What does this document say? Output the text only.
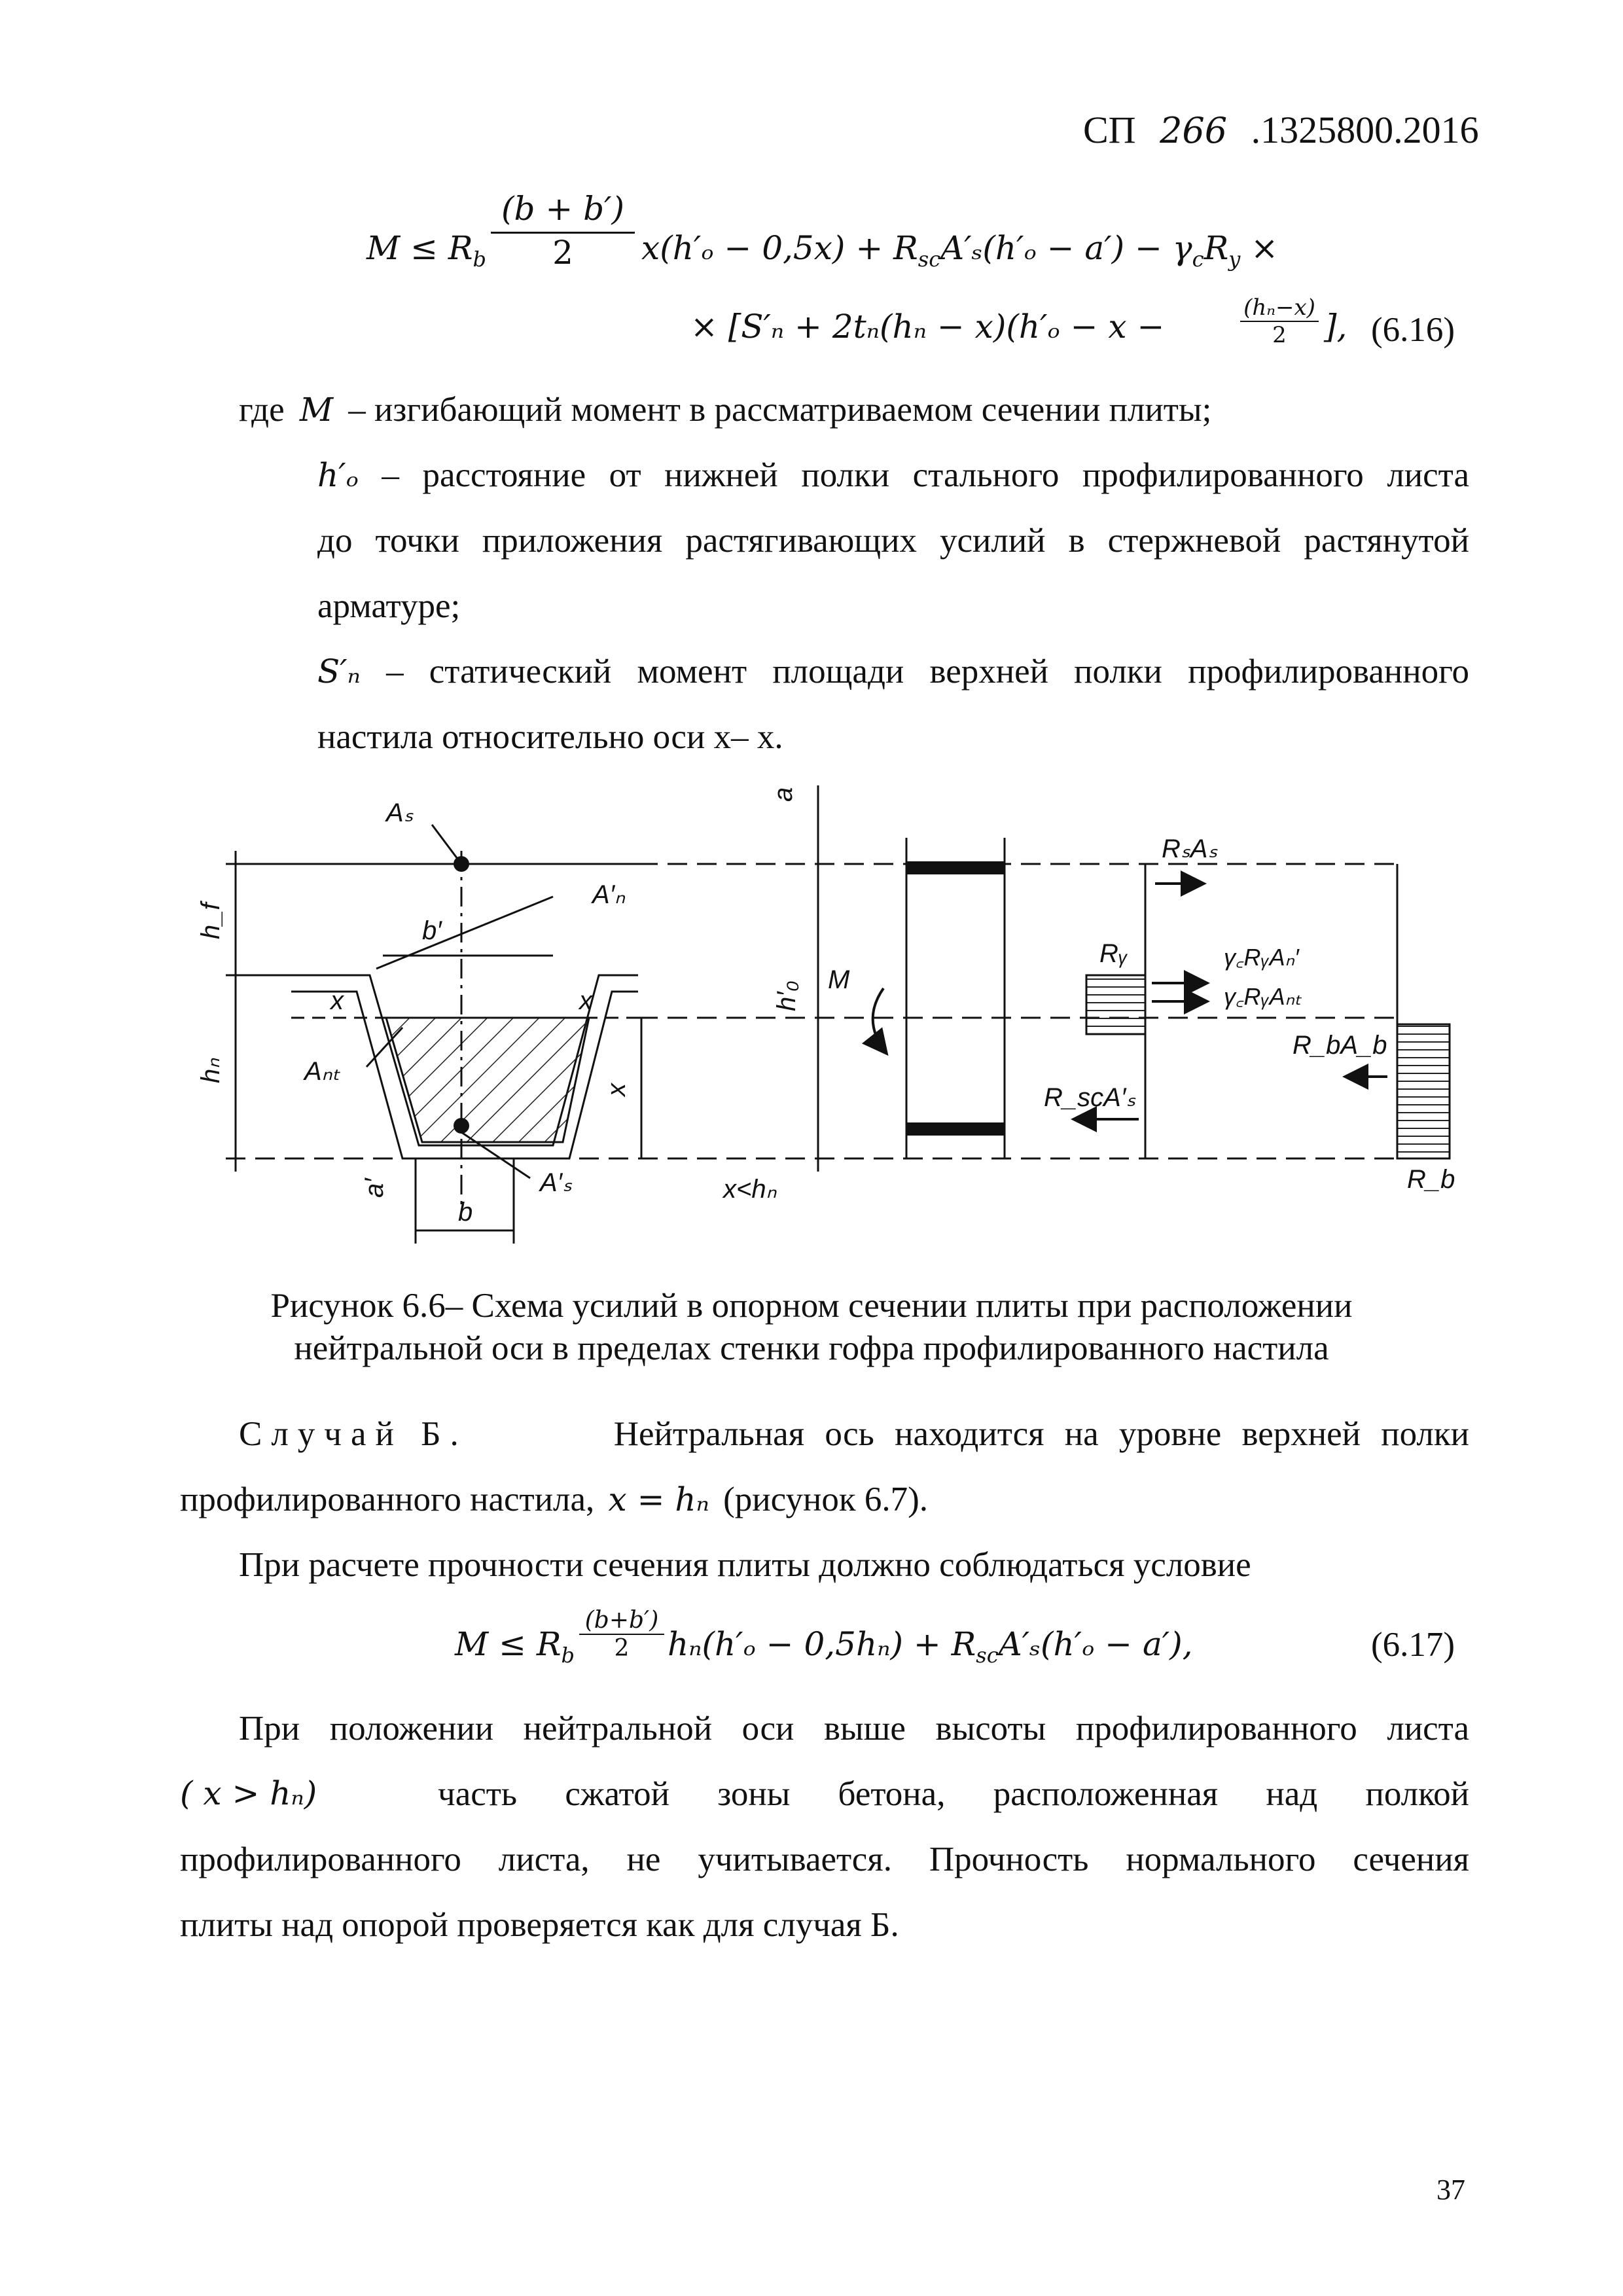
СП 266 .1325800.2016
$M \le R_b$
(b + b′)
2	$x(h'_o - 0,5x) + R_{sc}A'_s(h'_o - a') - \gamma_cR_y$ ×
× [S′ₙ + 2tₙ(hₙ − x)(h′ₒ − x −	(hₙ−x)
2	], (6.16)
где M – изгибающий момент в рассматриваемом сечении плиты;
h′ₒ – расстояние от нижней полки стального профилированного листа
до точки приложения растягивающих усилий в стержневой растянутой
арматуре;
S′ₙ – статический момент площади верхней полки профилированного
настила относительно оси x– x.
Aₛ
h_f	b′
A′ₙ
x	x
hₙ	Aₙₜ
x
a′	A′ₛ
b
a
h′₀
M
x<hₙ
RₛAₛ
Rᵧ	γ꜀RᵧAₙ′
γ꜀RᵧAₙₜ
R_bA_b
R_scA′ₛ
R_b
Рисунок 6.6– Схема усилий в опорном сечении плиты при расположении
нейтральной оси в пределах стенки гофра профилированного настила
Случай Б.	Нейтральная ось находится на уровне верхней полки
профилированного настила, x = hₙ (рисунок 6.7).
При расчете прочности сечения плиты должно соблюдаться условие
$M \le R_b$
(b+b′)
2	$h_n(h'_o - 0,5h_n) + R_{sc}A'_s(h'_o - a')$,	(6.17)
При положении нейтральной оси выше высоты профилированного листа
( x > hₙ)	часть сжатой зоны бетона, расположенная над полкой
профилированного листа, не учитывается. Прочность нормального сечения
плиты над опорой проверяется как для случая Б.
37
